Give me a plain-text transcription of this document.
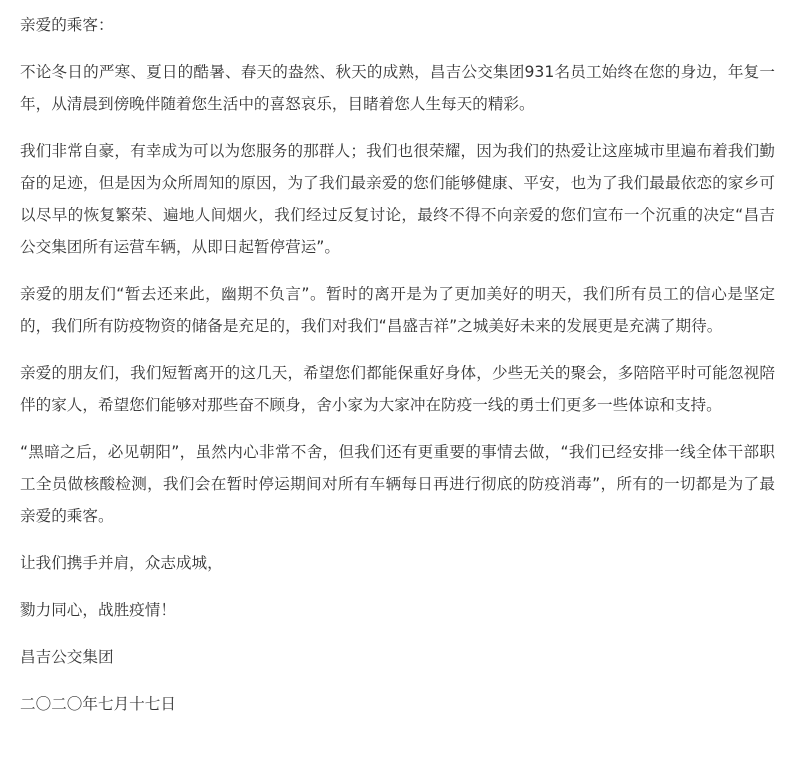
亲爱的乘客：

不论冬日的严寒、夏日的酷暑、春天的盎然、秋天的成熟，昌吉公交集团931名员工始终在您的身边，年复一年，从清晨到傍晚伴随着您生活中的喜怒哀乐，目睹着您人生每天的精彩。

我们非常自豪，有幸成为可以为您服务的那群人；我们也很荣耀，因为我们的热爱让这座城市里遍布着我们勤奋的足迹，但是因为众所周知的原因，为了我们最亲爱的您们能够健康、平安，也为了我们最最依恋的家乡可以尽早的恢复繁荣、遍地人间烟火，我们经过反复讨论，最终不得不向亲爱的您们宣布一个沉重的决定“昌吉公交集团所有运营车辆，从即日起暂停营运”。

亲爱的朋友们“暂去还来此，幽期不负言”。暂时的离开是为了更加美好的明天，我们所有员工的信心是坚定的，我们所有防疫物资的储备是充足的，我们对我们“昌盛吉祥”之城美好未来的发展更是充满了期待。

亲爱的朋友们，我们短暂离开的这几天，希望您们都能保重好身体，少些无关的聚会，多陪陪平时可能忽视陪伴的家人，希望您们能够对那些奋不顾身，舍小家为大家冲在防疫一线的勇士们更多一些体谅和支持。

“黑暗之后，必见朝阳”，虽然内心非常不舍，但我们还有更重要的事情去做，“我们已经安排一线全体干部职工全员做核酸检测，我们会在暂时停运期间对所有车辆每日再进行彻底的防疫消毒”，所有的一切都是为了最亲爱的乘客。

让我们携手并肩，众志成城，

勠力同心，战胜疫情！

昌吉公交集团

二〇二〇年七月十七日
